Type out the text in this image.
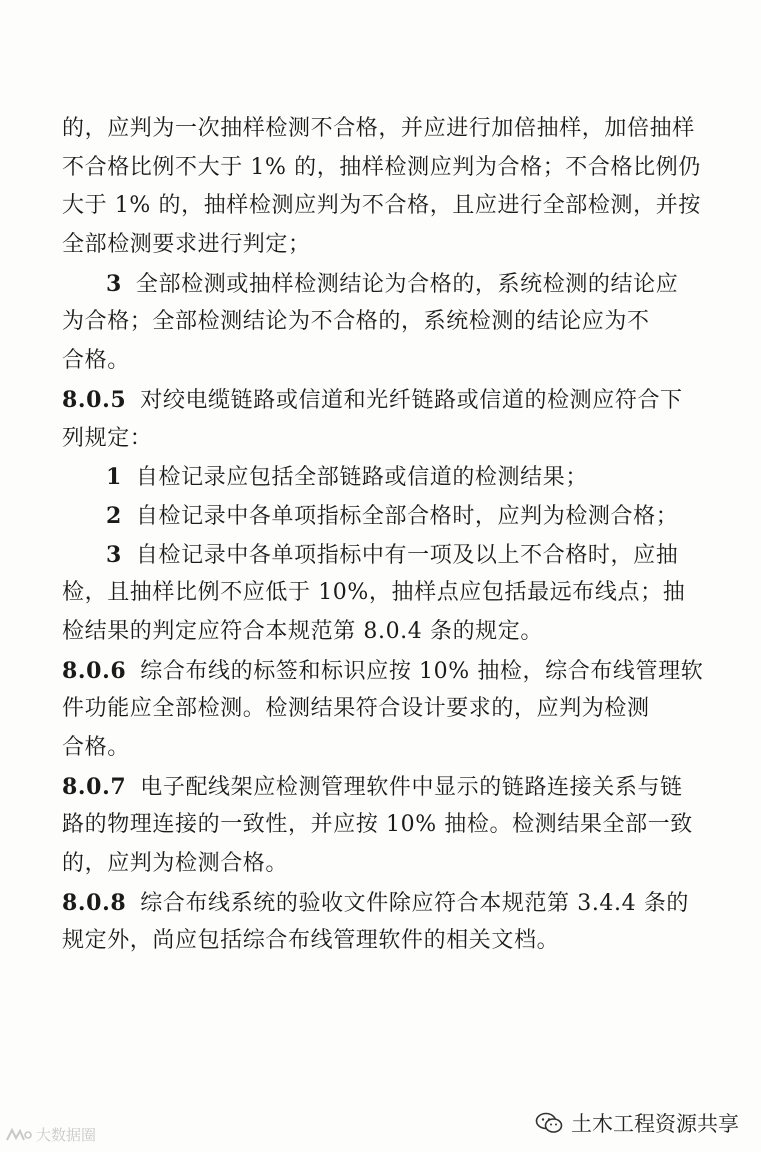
的，应判为一次抽样检测不合格，并应进行加倍抽样，加倍抽样
不合格比例不大于 1% 的，抽样检测应判为合格；不合格比例仍
大于 1% 的，抽样检测应判为不合格，且应进行全部检测，并按
全部检测要求进行判定；
3 全部检测或抽样检测结论为合格的，系统检测的结论应
为合格；全部检测结论为不合格的，系统检测的结论应为不
合格。
8.0.5 对绞电缆链路或信道和光纤链路或信道的检测应符合下
列规定：
1 自检记录应包括全部链路或信道的检测结果；
2 自检记录中各单项指标全部合格时，应判为检测合格；
3 自检记录中各单项指标中有一项及以上不合格时，应抽
检，且抽样比例不应低于 10%，抽样点应包括最远布线点；抽
检结果的判定应符合本规范第 8.0.4 条的规定。
8.0.6 综合布线的标签和标识应按 10% 抽检，综合布线管理软
件功能应全部检测。检测结果符合设计要求的，应判为检测
合格。
8.0.7 电子配线架应检测管理软件中显示的链路连接关系与链
路的物理连接的一致性，并应按 10% 抽检。检测结果全部一致
的，应判为检测合格。
8.0.8 综合布线系统的验收文件除应符合本规范第 3.4.4 条的
规定外，尚应包括综合布线管理软件的相关文档。
土木工程资源共享
大数据圈
